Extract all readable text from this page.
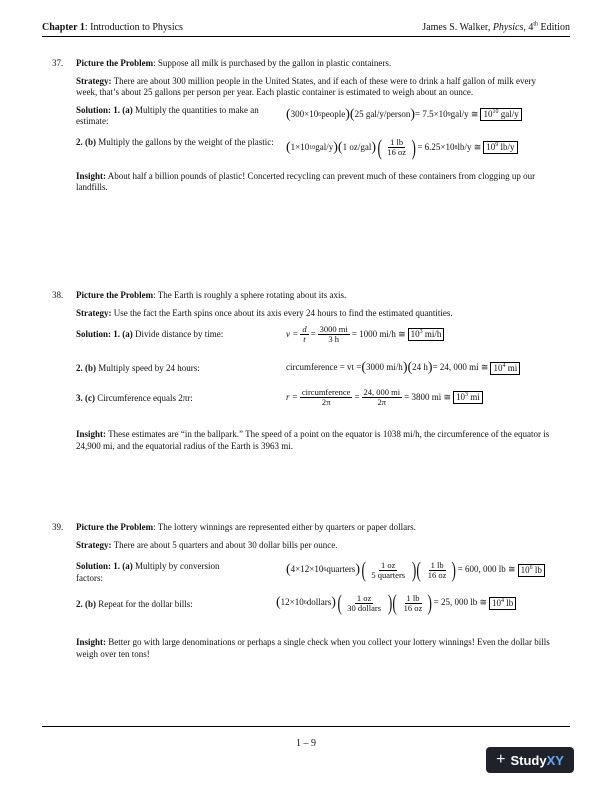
Chapter 1: Introduction to Physics	James S. Walker, Physics, 4th Edition
37. Picture the Problem: Suppose all milk is purchased by the gallon in plastic containers.

Strategy: There are about 300 million people in the United States, and if each of these were to drink a half gallon of milk every week, that’s about 25 gallons per person per year. Each plastic container is estimated to weigh about an ounce.

Solution: 1. (a) Multiply the quantities to make an estimate:	( 300×10 6 people )( 25 gal/y/person ) = 7.5×10 9 gal/y ≅ $10^{10}$ gal/y
2. (b) Multiply the gallons by the weight of the plastic: ( 1×10 10 gal/y )( 1 oz/gal ) ( $\frac{1 lb}{16 oz}$ ) = 6.25×10 8 lb/y ≅ $10^9$ lb/y

Insight: About half a billion pounds of plastic! Concerted recycling can prevent much of these containers from clogging up our landfills.

38. Picture the Problem: The Earth is roughly a sphere rotating about its axis.

Strategy: Use the fact the Earth spins once about its axis every 24 hours to find the estimated quantities.

Solution: 1. (a) Divide distance by time:	$v = \frac{d}{t} = \frac{3000 mi}{3 h} = 1000$ mi/h ≅ $10^3$ mi/h
2. (b) Multiply speed by 24 hours:	circumference = vt = ( 3000 mi/h )( 24 h ) = 24, 000 mi ≅ $10^4$ mi
3. (c) Circumference equals 2πr:	$r = \frac{\text{circumference}}{2\pi} = \frac{24, 000 mi}{2\pi} = 3800$ mi ≅ $10^3$ mi

Insight: These estimates are “in the ballpark.” The speed of a point on the equator is 1038 mi/h, the circumference of the equator is 24,900 mi, and the equatorial radius of the Earth is 3963 mi.

39. Picture the Problem: The lottery winnings are represented either by quarters or paper dollars.

Strategy: There are about 5 quarters and about 30 dollar bills per ounce.

Solution: 1. (a) Multiply by conversion factors:
( 4×12×10 6 quarters ) ( $\frac{1 oz}{\text{5 quarters}}$ )( $\frac{1 lb}{16 oz}$ ) = 600, 000 lb ≅ $10^6$ lb
2. (b) Repeat for the dollar bills:	( 12×10 6 dollars ) ( $\frac{1 oz}{\text{30 dollars}}$ )( $\frac{1 lb}{16 oz}$ ) = 25, 000 lb ≅ $10^4$ lb

Insight: Better go with large denominations or perhaps a single check when you collect your lottery winnings! Even the dollar bills weigh over ten tons!

1 – 9
+ StudyXY
